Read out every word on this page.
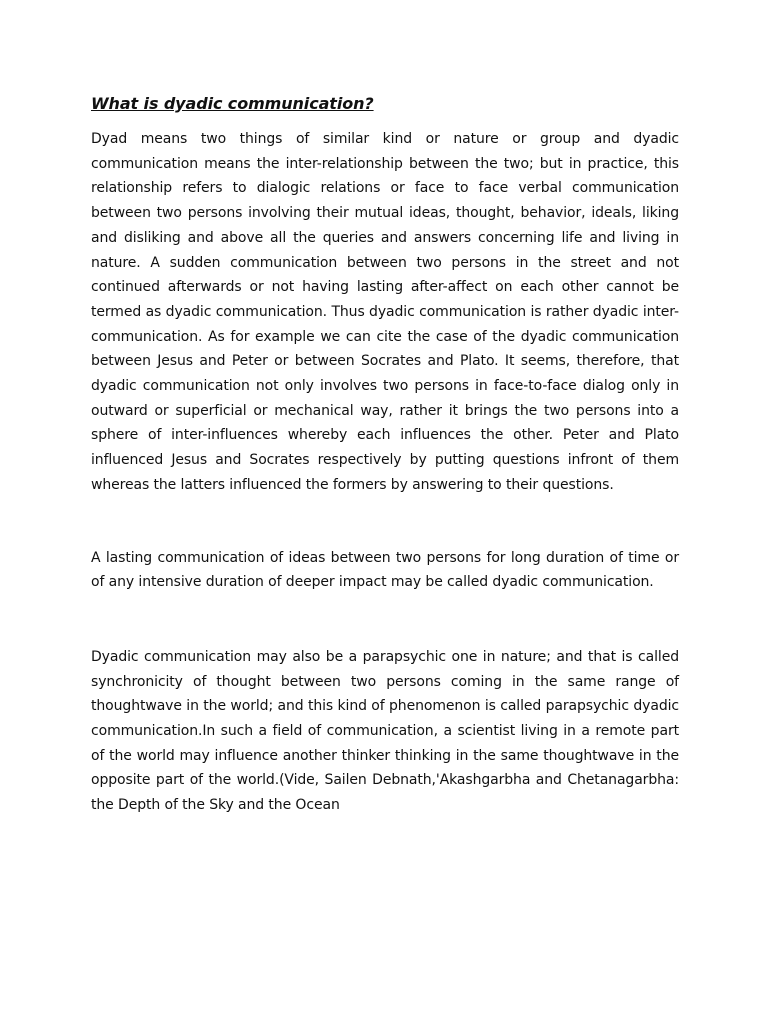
What is dyadic communication?

Dyad means two things of similar kind or nature or group and dyadic communication means the inter-relationship between the two; but in practice, this relationship refers to dialogic relations or face to face verbal communication between two persons involving their mutual ideas, thought, behavior, ideals, liking and disliking and above all the queries and answers concerning life and living in nature. A sudden communication between two persons in the street and not continued afterwards or not having lasting after-affect on each other cannot be termed as dyadic communication. Thus dyadic communication is rather dyadic inter-communication. As for example we can cite the case of the dyadic communication between Jesus and Peter or between Socrates and Plato. It seems, therefore, that dyadic communication not only involves two persons in face-to-face dialog only in outward or superficial or mechanical way, rather it brings the two persons into a sphere of inter-influences whereby each influences the other. Peter and Plato influenced Jesus and Socrates respectively by putting questions infront of them whereas the latters influenced the formers by answering to their questions.

A lasting communication of ideas between two persons for long duration of time or of any intensive duration of deeper impact may be called dyadic communication.

Dyadic communication may also be a parapsychic one in nature; and that is called synchronicity of thought between two persons coming in the same range of thoughtwave in the world; and this kind of phenomenon is called parapsychic dyadic communication.In such a field of communication, a scientist living in a remote part of the world may influence another thinker thinking in the same thoughtwave in the opposite part of the world.(Vide, Sailen Debnath,'Akashgarbha and Chetanagarbha: the Depth of the Sky and the Ocean
